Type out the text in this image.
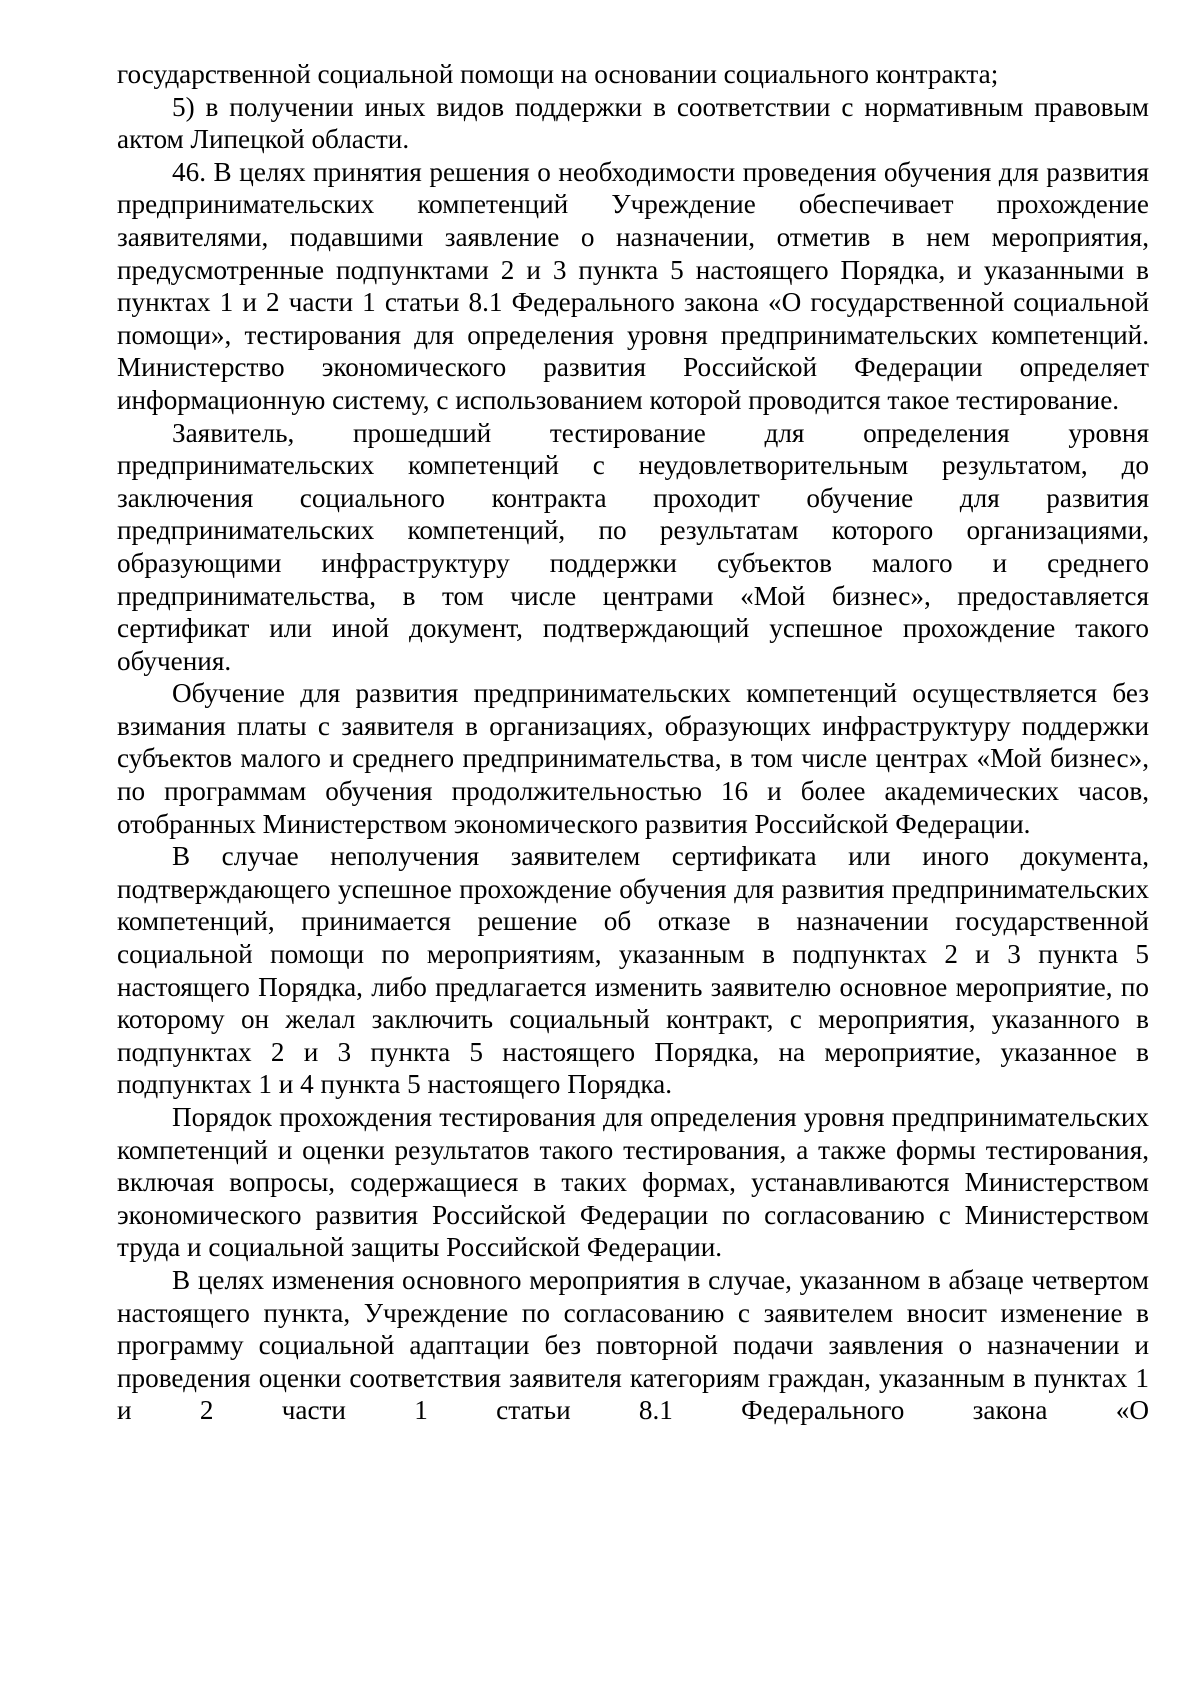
государственной социальной помощи на основании социального контракта;

5) в получении иных видов поддержки в соответствии с нормативным правовым актом Липецкой области.

46. В целях принятия решения о необходимости проведения обучения для развития предпринимательских компетенций Учреждение обеспечивает прохождение заявителями, подавшими заявление о назначении, отметив в нем мероприятия, предусмотренные подпунктами 2 и 3 пункта 5 настоящего Порядка, и указанными в пунктах 1 и 2 части 1 статьи 8.1 Федерального закона «О государственной социальной помощи», тестирования для определения уровня предпринимательских компетенций. Министерство экономического развития Российской Федерации определяет информационную систему, с использованием которой проводится такое тестирование.

Заявитель, прошедший тестирование для определения уровня предпринимательских компетенций с неудовлетворительным результатом, до заключения социального контракта проходит обучение для развития предпринимательских компетенций, по результатам которого организациями, образующими инфраструктуру поддержки субъектов малого и среднего предпринимательства, в том числе центрами «Мой бизнес», предоставляется сертификат или иной документ, подтверждающий успешное прохождение такого обучения.

Обучение для развития предпринимательских компетенций осуществляется без взимания платы с заявителя в организациях, образующих инфраструктуру поддержки субъектов малого и среднего предпринимательства, в том числе центрах «Мой бизнес», по программам обучения продолжительностью 16 и более академических часов, отобранных Министерством экономического развития Российской Федерации.

В случае неполучения заявителем сертификата или иного документа, подтверждающего успешное прохождение обучения для развития предпринимательских компетенций, принимается решение об отказе в назначении государственной социальной помощи по мероприятиям, указанным в подпунктах 2 и 3 пункта 5 настоящего Порядка, либо предлагается изменить заявителю основное мероприятие, по которому он желал заключить социальный контракт, с мероприятия, указанного в подпунктах 2 и 3 пункта 5 настоящего Порядка, на мероприятие, указанное в подпунктах 1 и 4 пункта 5 настоящего Порядка.

Порядок прохождения тестирования для определения уровня предпринимательских компетенций и оценки результатов такого тестирования, а также формы тестирования, включая вопросы, содержащиеся в таких формах, устанавливаются Министерством экономического развития Российской Федерации по согласованию с Министерством труда и социальной защиты Российской Федерации.

В целях изменения основного мероприятия в случае, указанном в абзаце четвертом настоящего пункта, Учреждение по согласованию с заявителем вносит изменение в программу социальной адаптации без повторной подачи заявления о назначении и проведения оценки соответствия заявителя категориям граждан, указанным в пунктах 1 и 2 части 1 статьи 8.1 Федерального закона «О
